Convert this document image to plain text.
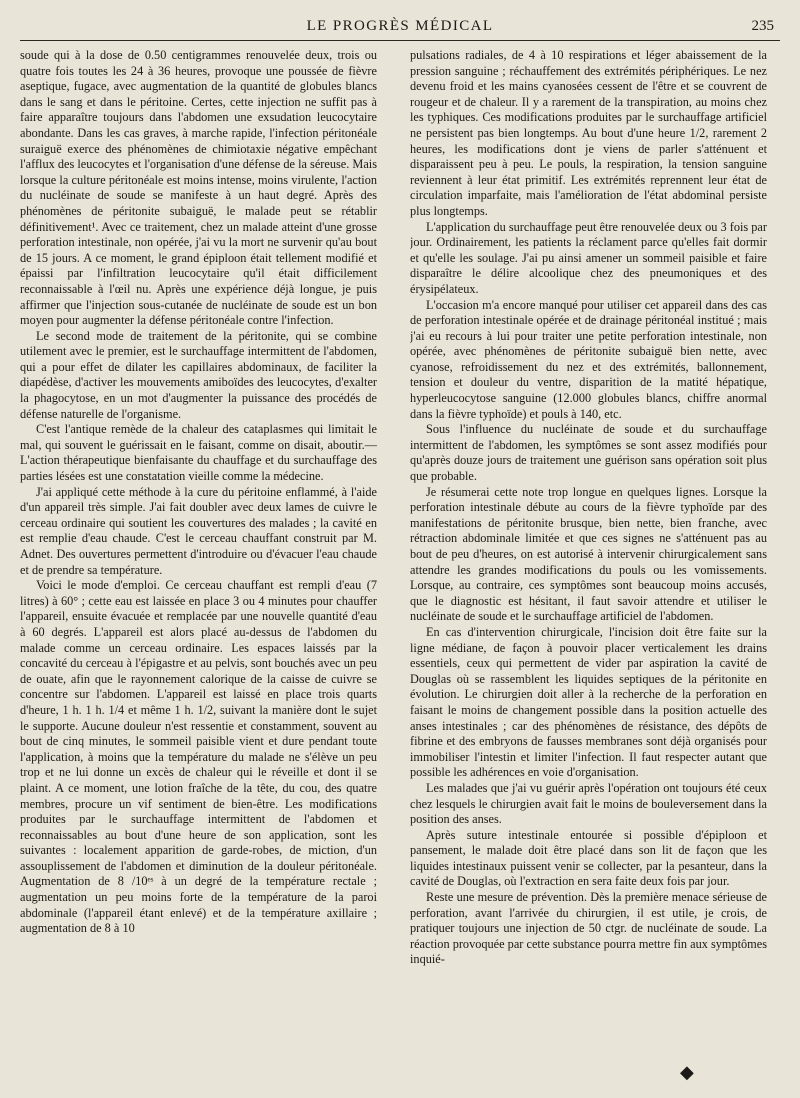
LE PROGRÈS MÉDICAL	235

soude qui à la dose de 0.50 centigrammes renouvelée deux, trois ou quatre fois toutes les 24 à 36 heures, provoque une poussée de fièvre aseptique, fugace, avec augmentation de la quantité de globules blancs dans le sang et dans le péritoine. Certes, cette injection ne suffit pas à faire apparaître toujours dans l'abdomen une exsudation leucocytaire abondante. Dans les cas graves, à marche rapide, l'infection péritonéale suraiguë exerce des phénomènes de chimiotaxie négative empêchant l'afflux des leucocytes et l'organisation d'une défense de la séreuse. Mais lorsque la culture péritonéale est moins intense, moins virulente, l'action du nucléinate de soude se manifeste à un haut degré. Après des phénomènes de péritonite subaiguë, le malade peut se rétablir définitivement¹. Avec ce traitement, chez un malade atteint d'une grosse perforation intestinale, non opérée, j'ai vu la mort ne survenir qu'au bout de 15 jours. A ce moment, le grand épiploon était tellement modifié et épaissi par l'infiltration leucocytaire qu'il était difficilement reconnaissable à l'œil nu. Après une expérience déjà longue, je puis affirmer que l'injection sous-cutanée de nucléinate de soude est un bon moyen pour augmenter la défense péritonéale contre l'infection.

Le second mode de traitement de la péritonite, qui se combine utilement avec le premier, est le surchauffage intermittent de l'abdomen, qui a pour effet de dilater les capillaires abdominaux, de faciliter la diapédèse, d'activer les mouvements amiboïdes des leucocytes, d'exalter la phagocytose, en un mot d'augmenter la puissance des procédés de défense naturelle de l'organisme.

C'est l'antique remède de la chaleur des cataplasmes qui limitait le mal, qui souvent le guérissait en le faisant, comme on disait, aboutir.— L'action thérapeutique bienfaisante du chauffage et du surchauffage des parties lésées est une constatation vieille comme la médecine.

J'ai appliqué cette méthode à la cure du péritoine enflammé, à l'aide d'un appareil très simple. J'ai fait doubler avec deux lames de cuivre le cerceau ordinaire qui soutient les couvertures des malades ; la cavité en est remplie d'eau chaude. C'est le cerceau chauffant construit par M. Adnet. Des ouvertures permettent d'introduire ou d'évacuer l'eau chaude et de prendre sa température.

Voici le mode d'emploi. Ce cerceau chauffant est rempli d'eau (7 litres) à 60° ; cette eau est laissée en place 3 ou 4 minutes pour chauffer l'appareil, ensuite évacuée et remplacée par une nouvelle quantité d'eau à 60 degrés. L'appareil est alors placé au-dessus de l'abdomen du malade comme un cerceau ordinaire. Les espaces laissés par la concavité du cerceau à l'épigastre et au pelvis, sont bouchés avec un peu de ouate, afin que le rayonnement calorique de la caisse de cuivre se concentre sur l'abdomen. L'appareil est laissé en place trois quarts d'heure, 1 h. 1 h. 1/4 et même 1 h. 1/2, suivant la manière dont le sujet le supporte. Aucune douleur n'est ressentie et constamment, souvent au bout de cinq minutes, le sommeil paisible vient et dure pendant toute l'application, à moins que la température du malade ne s'élève un peu trop et ne lui donne un excès de chaleur qui le réveille et dont il se plaint. A ce moment, une lotion fraîche de la tête, du cou, des quatre membres, procure un vif sentiment de bien-être. Les modifications produites par le surchauffage intermittent de l'abdomen et reconnaissables au bout d'une heure de son application, sont les suivantes : localement apparition de garde-robes, de miction, d'un assouplissement de l'abdomen et diminution de la douleur péritonéale. Augmentation de 8 /10ᵉˢ à un degré de la température rectale ; augmentation un peu moins forte de la température de la paroi abdominale (l'appareil étant enlevé) et de la température axillaire ; augmentation de 8 à 10

pulsations radiales, de 4 à 10 respirations et léger abaissement de la pression sanguine ; réchauffement des extrémités périphériques. Le nez devenu froid et les mains cyanosées cessent de l'être et se couvrent de rougeur et de chaleur. Il y a rarement de la transpiration, au moins chez les typhiques. Ces modifications produites par le surchauffage artificiel ne persistent pas bien longtemps. Au bout d'une heure 1/2, rarement 2 heures, les modifications dont je viens de parler s'atténuent et disparaissent peu à peu. Le pouls, la respiration, la tension sanguine reviennent à leur état primitif. Les extrémités reprennent leur état de circulation imparfaite, mais l'amélioration de l'état abdominal persiste plus longtemps.

L'application du surchauffage peut être renouvelée deux ou 3 fois par jour. Ordinairement, les patients la réclament parce qu'elles fait dormir et qu'elle les soulage. J'ai pu ainsi amener un sommeil paisible et faire disparaître le délire alcoolique chez des pneumoniques et des érysipélateux.

L'occasion m'a encore manqué pour utiliser cet appareil dans des cas de perforation intestinale opérée et de drainage péritonéal institué ; mais j'ai eu recours à lui pour traiter une petite perforation intestinale, non opérée, avec phénomènes de péritonite subaiguë bien nette, avec cyanose, refroidissement du nez et des extrémités, ballonnement, tension et douleur du ventre, disparition de la matité hépatique, hyperleucocytose sanguine (12.000 globules blancs, chiffre anormal dans la fièvre typhoïde) et pouls à 140, etc.

Sous l'influence du nucléinate de soude et du surchauffage intermittent de l'abdomen, les symptômes se sont assez modifiés pour qu'après douze jours de traitement une guérison sans opération soit plus que probable.

Je résumerai cette note trop longue en quelques lignes. Lorsque la perforation intestinale débute au cours de la fièvre typhoïde par des manifestations de péritonite brusque, bien nette, bien franche, avec rétraction abdominale limitée et que ces signes ne s'atténuent pas au bout de peu d'heures, on est autorisé à intervenir chirurgicalement sans attendre les grandes modifications du pouls ou les vomissements. Lorsque, au contraire, ces symptômes sont beaucoup moins accusés, que le diagnostic est hésitant, il faut savoir attendre et utiliser le nucléinate de soude et le surchauffage artificiel de l'abdomen.

En cas d'intervention chirurgicale, l'incision doit être faite sur la ligne médiane, de façon à pouvoir placer verticalement les drains essentiels, ceux qui permettent de vider par aspiration la cavité de Douglas où se rassemblent les liquides septiques de la péritonite en évolution. Le chirurgien doit aller à la recherche de la perforation en faisant le moins de changement possible dans la position actuelle des anses intestinales ; car des phénomènes de résistance, des dépôts de fibrine et des embryons de fausses membranes sont déjà organisés pour immobiliser l'intestin et limiter l'infection. Il faut respecter autant que possible les adhérences en voie d'organisation.

Les malades que j'ai vu guérir après l'opération ont toujours été ceux chez lesquels le chirurgien avait fait le moins de bouleversement dans la position des anses.

Après suture intestinale entourée si possible d'épiploon et pansement, le malade doit être placé dans son lit de façon que les liquides intestinaux puissent venir se collecter, par la pesanteur, dans la cavité de Douglas, où l'extraction en sera faite deux fois par jour.

Reste une mesure de prévention. Dès la première menace sérieuse de perforation, avant l'arrivée du chirurgien, il est utile, je crois, de pratiquer toujours une injection de 50 ctgr. de nucléinate de soude. La réaction provoquée par cette substance pourra mettre fin aux symptômes inquié-

◆
